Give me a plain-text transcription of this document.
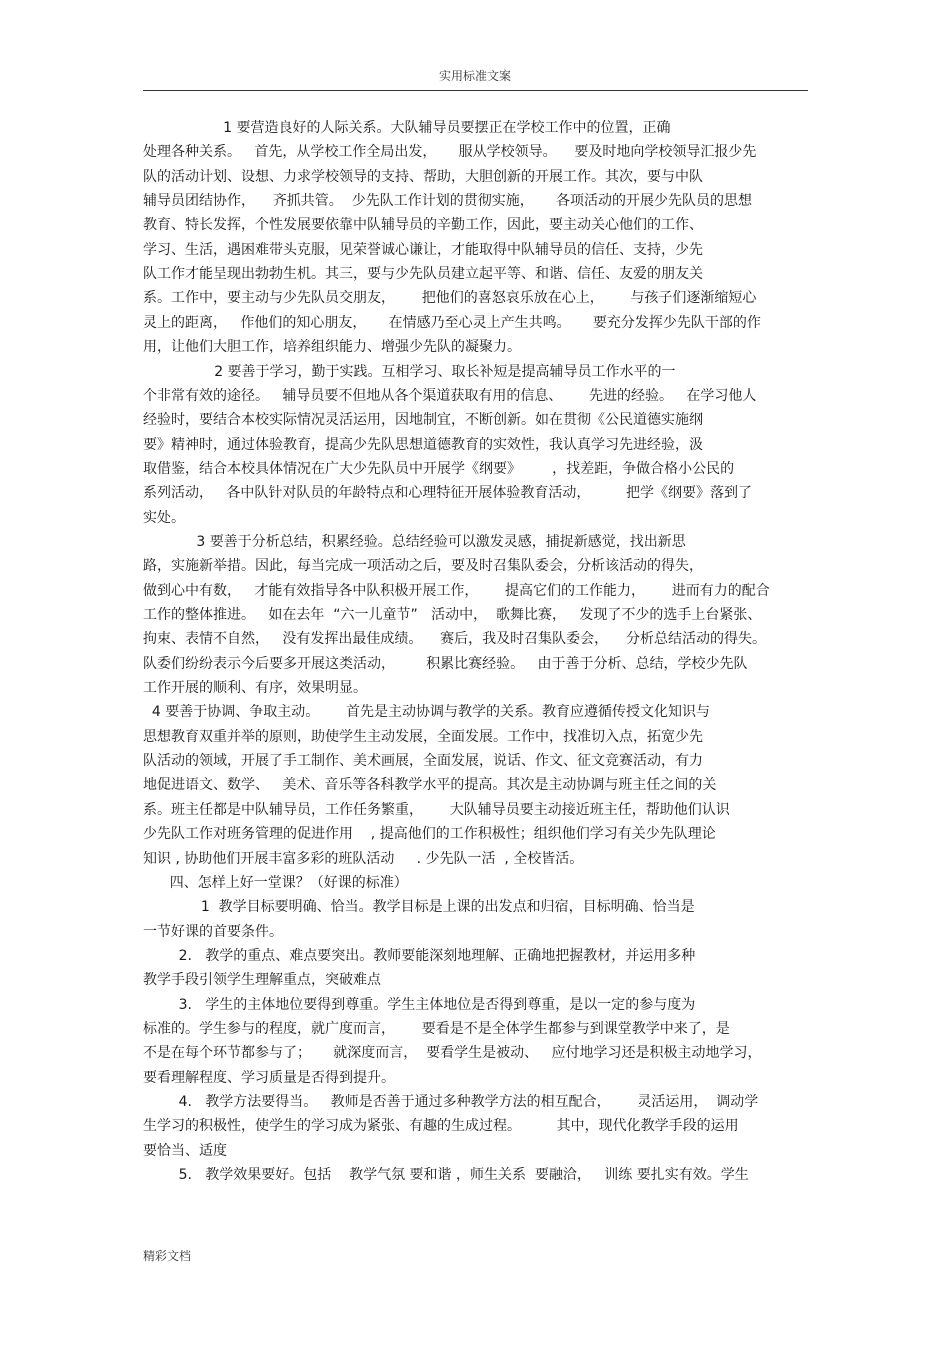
实用标准文案
1 要营造良好的人际关系。大队辅导员要摆正在学校工作中的位置，正确
处理各种关系。   首先，从学校工作全局出发，     服从学校领导。    要及时地向学校领导汇报少先
队的活动计划、设想、力求学校领导的支持、帮助，大胆创新的开展工作。其次，要与中队
辅导员团结协作，    齐抓共管。  少先队工作计划的贯彻实施，     各项活动的开展少先队员的思想
教育、特长发挥，个性发展要依靠中队辅导员的辛勤工作，因此，要主动关心他们的工作、
学习、生活，遇困难带头克服，见荣誉诚心谦让，才能取得中队辅导员的信任、支持，少先
队工作才能呈现出勃勃生机。其三，要与少先队员建立起平等、和谐、信任、友爱的朋友关
系。工作中，要主动与少先队员交朋友，      把他们的喜怒哀乐放在心上，      与孩子们逐渐缩短心
灵上的距离，   作他们的知心朋友，     在情感乃至心灵上产生共鸣。     要充分发挥少先队干部的作
用，让他们大胆工作，培养组织能力、增强少先队的凝聚力。
2 要善于学习，勤于实践。互相学习、取长补短是提高辅导员工作水平的一
个非常有效的途径。   辅导员要不但地从各个渠道获取有用的信息、      先进的经验。   在学习他人
经验时，要结合本校实际情况灵活运用，因地制宜，不断创新。如在贯彻《公民道德实施纲
要》精神时，通过体验教育，提高少先队思想道德教育的实效性，我认真学习先进经验，汲
取借鉴，结合本校具体情况在广大少先队员中开展学《纲要》       ，找差距，争做合格小公民的
系列活动，   各中队针对队员的年龄特点和心理特征开展体验教育活动，        把学《纲要》落到了
实处。
3 要善于分析总结，积累经验。总结经验可以激发灵感，捕捉新感觉，找出新思
路，实施新举措。因此，每当完成一项活动之后，要及时召集队委会，分析该活动的得失，
做到心中有数，   才能有效指导各中队积极开展工作，      提高它们的工作能力，      进而有力的配合
工作的整体推进。   如在去年  “六一儿童节”   活动中，  歌舞比赛，   发现了不少的选手上台紧张、
拘束、表情不自然，   没有发挥出最佳成绩。    赛后，我及时召集队委会，    分析总结活动的得失。
队委们纷纷表示今后要多开展这类活动，       积累比赛经验。   由于善于分析、总结，学校少先队
工作开展的顺利、有序，效果明显。
4 要善于协调、争取主动。      首先是主动协调与教学的关系。教育应遵循传授文化知识与
思想教育双重并举的原则，助使学生主动发展，全面发展。工作中，找准切入点，拓宽少先
队活动的领域，开展了手工制作、美术画展，全面发展，说话、作文、征文竞赛活动，有力
地促进语文、数学、   美术、音乐等各科教学水平的提高。其次是主动协调与班主任之间的关
系。班主任都是中队辅导员，工作任务繁重，      大队辅导员要主动接近班主任，帮助他们认识
少先队工作对班务管理的促进作用    , 提高他们的工作积极性；组织他们学习有关少先队理论
知识 , 协助他们开展丰富多彩的班队活动     . 少先队一活  , 全校皆活。
四、怎样上好一堂课？（好课的标准）
1  教学目标要明确、恰当。教学目标是上课的出发点和归宿，目标明确、恰当是
一节好课的首要条件。
2.   教学的重点、难点要突出。教师要能深刻地理解、正确地把握教材，并运用多种
教学手段引领学生理解重点，突破难点
3.   学生的主体地位要得到尊重。学生主体地位是否得到尊重，是以一定的参与度为
标准的。学生参与的程度，就广度而言，      要看是不是全体学生都参与到课堂教学中来了，是
不是在每个环节都参与了；     就深度而言，  要看学生是被动、   应付地学习还是积极主动地学习，
要看理解程度、学习质量是否得到提升。
4.   教学方法要得当。   教师是否善于通过多种教学方法的相互配合，      灵活运用，  调动学
生学习的积极性，使学生的学习成为紧张、有趣的生成过程。        其中，现代化教学手段的运用
要恰当、适度
5.   教学效果要好。包括    教学气氛 要和谐 ，师生关系  要融洽，   训练 要扎实有效。学生
精彩文档
